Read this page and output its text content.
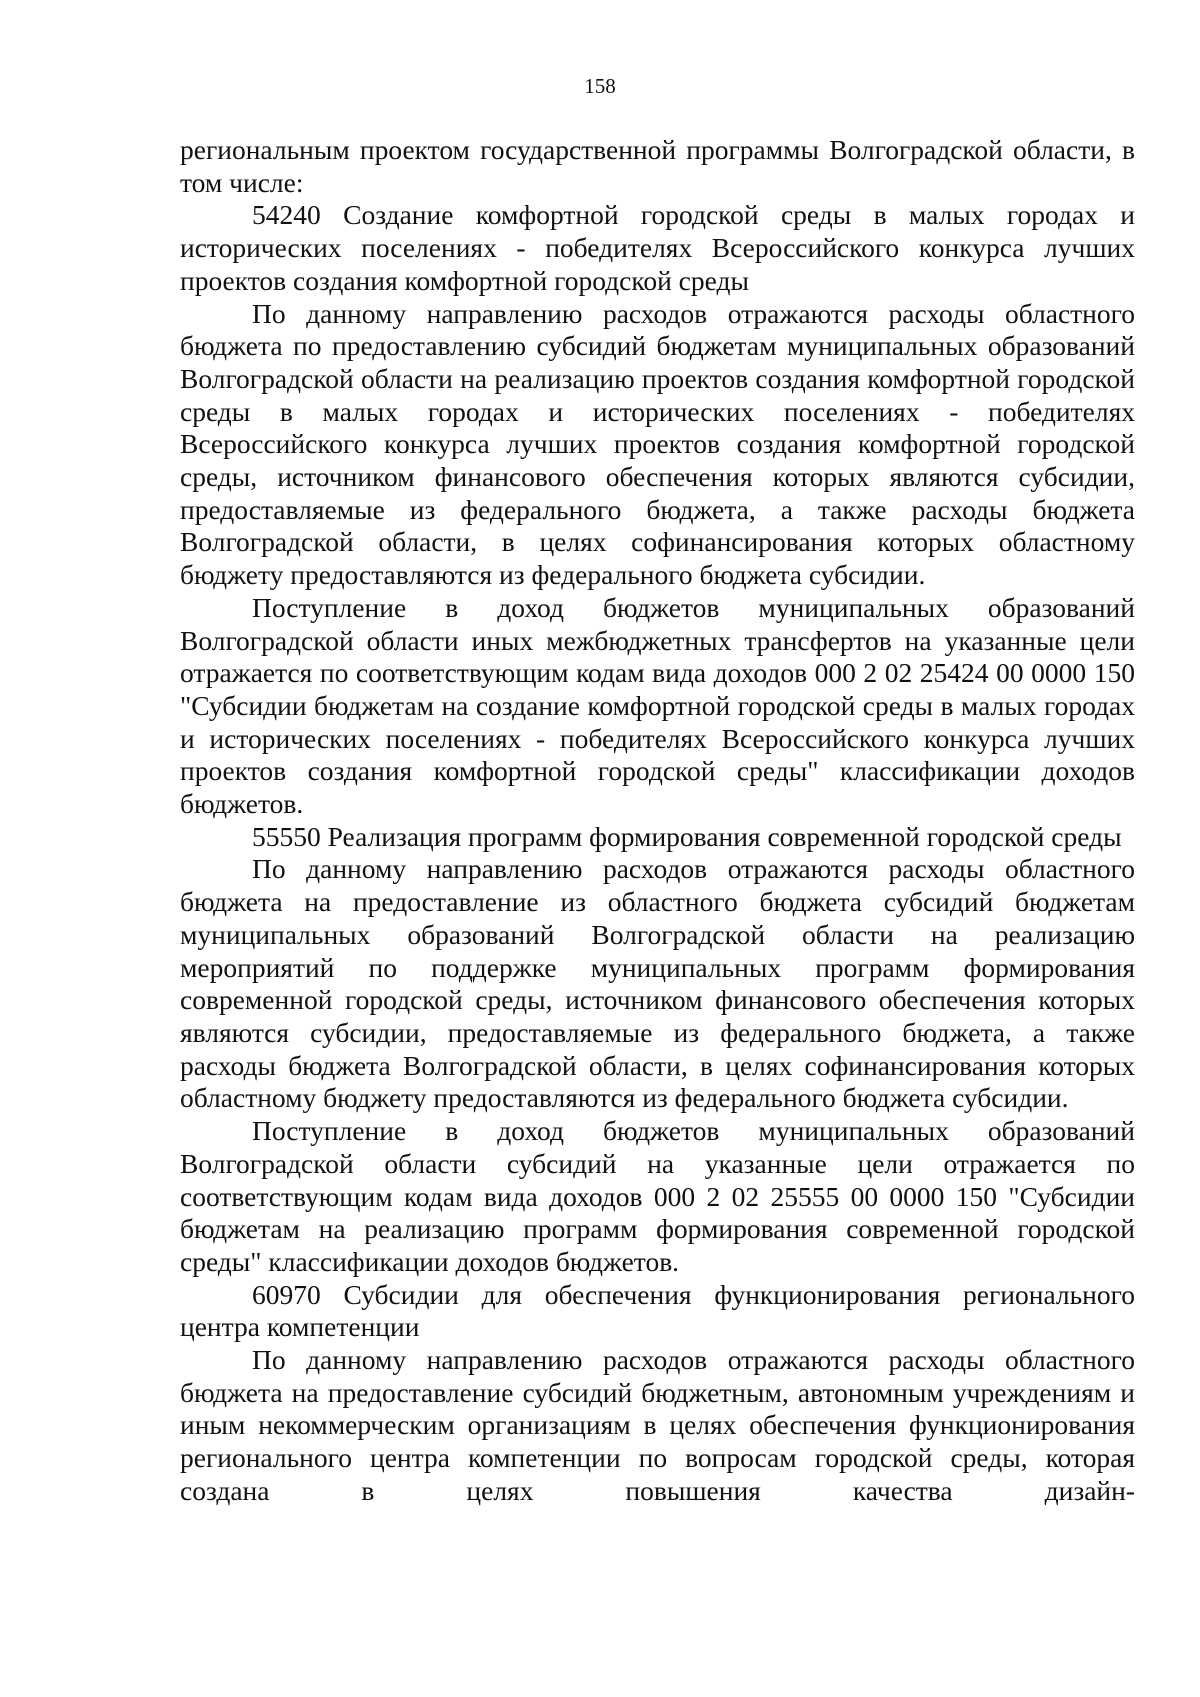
158

региональным проектом государственной программы Волгоградской области, в том числе:

54240 Создание комфортной городской среды в малых городах и исторических поселениях - победителях Всероссийского конкурса лучших проектов создания комфортной городской среды

По данному направлению расходов отражаются расходы областного бюджета по предоставлению субсидий бюджетам муниципальных образований Волгоградской области на реализацию проектов создания комфортной городской среды в малых городах и исторических поселениях - победителях Всероссийского конкурса лучших проектов создания комфортной городской среды, источником финансового обеспечения которых являются субсидии, предоставляемые из федерального бюджета, а также расходы бюджета Волгоградской области, в целях софинансирования которых областному бюджету предоставляются из федерального бюджета субсидии.

Поступление в доход бюджетов муниципальных образований Волгоградской области иных межбюджетных трансфертов на указанные цели отражается по соответствующим кодам вида доходов 000 2 02 25424 00 0000 150 "Субсидии бюджетам на создание комфортной городской среды в малых городах и исторических поселениях - победителях Всероссийского конкурса лучших проектов создания комфортной городской среды" классификации доходов бюджетов.

55550 Реализация программ формирования современной городской среды

По данному направлению расходов отражаются расходы областного бюджета на предоставление из областного бюджета субсидий бюджетам муниципальных образований Волгоградской области на реализацию мероприятий по поддержке муниципальных программ формирования современной городской среды, источником финансового обеспечения которых являются субсидии, предоставляемые из федерального бюджета, а также расходы бюджета Волгоградской области, в целях софинансирования которых областному бюджету предоставляются из федерального бюджета субсидии.

Поступление в доход бюджетов муниципальных образований Волгоградской области субсидий на указанные цели отражается по соответствующим кодам вида доходов 000 2 02 25555 00 0000 150 "Субсидии бюджетам на реализацию программ формирования современной городской среды" классификации доходов бюджетов.

60970 Субсидии для обеспечения функционирования регионального центра компетенции

По данному направлению расходов отражаются расходы областного бюджета на предоставление субсидий бюджетным, автономным учреждениям и иным некоммерческим организациям в целях обеспечения функционирования регионального центра компетенции по вопросам городской среды, которая создана в целях повышения качества дизайн-
